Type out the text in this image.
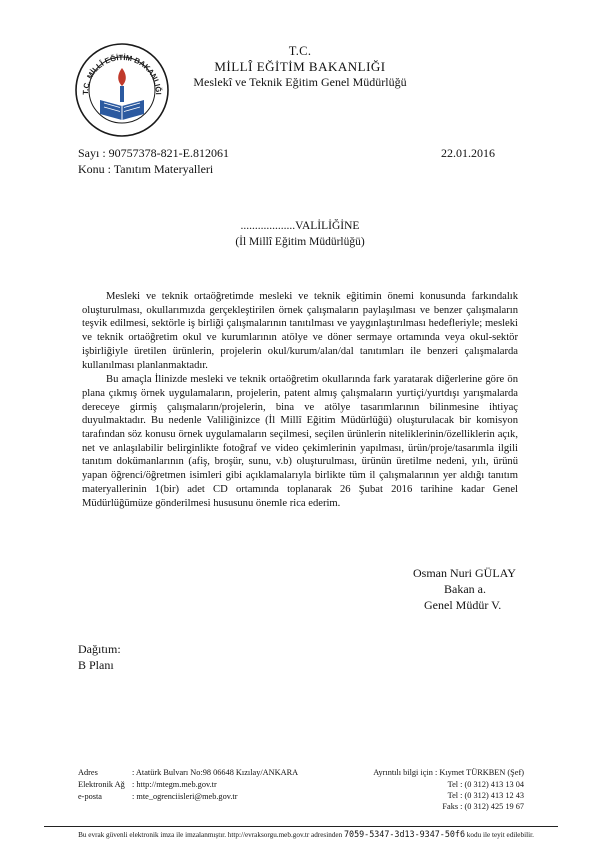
T.C. MİLLÎ EĞİTİM BAKANLIĞI
T.C.
MİLLÎ EĞİTİM BAKANLIĞI
Meslekî ve Teknik Eğitim Genel Müdürlüğü
Sayı : 90757378-821-E.812061	22.01.2016
Konu : Tanıtım Materyalleri
...................VALİLİĞİNE
(İl Millî Eğitim Müdürlüğü)

Mesleki ve teknik ortaöğretimde mesleki ve teknik eğitimin önemi konusunda farkındalık oluşturulması, okullarımızda gerçekleştirilen örnek çalışmaların paylaşılması ve benzer çalışmaların teşvik edilmesi, sektörle iş birliği çalışmalarının tanıtılması ve yaygınlaştırılması hedefleriyle; mesleki ve teknik ortaöğretim okul ve kurumlarının atölye ve döner sermaye ortamında veya okul-sektör işbirliğiyle üretilen ürünlerin, projelerin okul/kurum/alan/dal tanıtımları ile benzeri çalışmalarda kullanılması planlanmaktadır.

Bu amaçla İlinizde mesleki ve teknik ortaöğretim okullarında fark yaratarak diğerlerine göre ön plana çıkmış örnek uygulamaların, projelerin, patent almış çalışmaların yurtiçi/yurtdışı yarışmalarda dereceye girmiş çalışmaların/projelerin, bina ve atölye tasarımlarının bilinmesine ihtiyaç duyulmaktadır. Bu nedenle Valiliğinizce (İl Millî Eğitim Müdürlüğü) oluşturulacak bir komisyon tarafından söz konusu örnek uygulamaların seçilmesi, seçilen ürünlerin niteliklerinin/özelliklerin açık, net ve anlaşılabilir belirginlikte fotoğraf ve video çekimlerinin yapılması, ürün/proje/tasarımla ilgili tanıtım dokümanlarının (afiş, broşür, sunu, v.b) oluşturulması, ürünün üretilme nedeni, yılı, ürünü yapan öğrenci/öğretmen isimleri gibi açıklamalarıyla birlikte tüm il çalışmalarının yer aldığı tanıtım materyallerinin 1(bir) adet CD ortamında toplanarak 26 Şubat 2016 tarihine kadar Genel Müdürlüğümüze gönderilmesi hususunu önemle rica ederim.

Osman Nuri GÜLAY
Bakan a.
Genel Müdür V.
Dağıtım:
B Planı
Adres	: Atatürk Bulvarı No:98 06648 Kızılay/ANKARA
Elektronik Ağ : http://mtegm.meb.gov.tr
e-posta	: mte_ogrenciisleri@meb.gov.tr
Ayrıntılı bilgi için : Kıymet TÜRKBEN (Şef)
Tel : (0 312) 413 13 04
Tel : (0 312) 413 12 43
Faks : (0 312) 425 19 67
Bu evrak güvenli elektronik imza ile imzalanmıştır. http://evraksorgu.meb.gov.tr adresinden 7059-5347-3d13-9347-50f6 kodu ile teyit edilebilir.
